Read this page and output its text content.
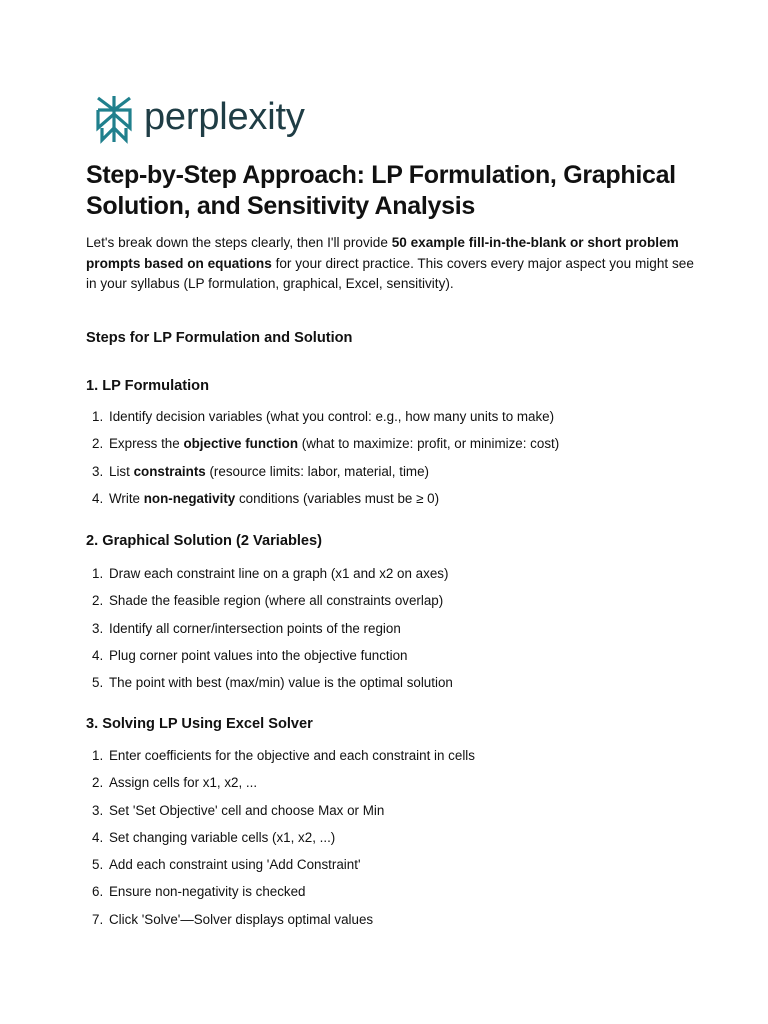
perplexity
Step-by-Step Approach: LP Formulation, Graphical Solution, and Sensitivity Analysis

Let's break down the steps clearly, then I'll provide 50 example fill-in-the-blank or short problem prompts based on equations for your direct practice. This covers every major aspect you might see in your syllabus (LP formulation, graphical, Excel, sensitivity).

Steps for LP Formulation and Solution
1. LP Formulation
1. Identify decision variables (what you control: e.g., how many units to make)
2. Express the objective function (what to maximize: profit, or minimize: cost)
3. List constraints (resource limits: labor, material, time)
4. Write non-negativity conditions (variables must be ≥ 0)
2. Graphical Solution (2 Variables)
1. Draw each constraint line on a graph (x1 and x2 on axes)
2. Shade the feasible region (where all constraints overlap)
3. Identify all corner/intersection points of the region
4. Plug corner point values into the objective function
5. The point with best (max/min) value is the optimal solution
3. Solving LP Using Excel Solver
1. Enter coefficients for the objective and each constraint in cells
2. Assign cells for x1, x2, ...
3. Set 'Set Objective' cell and choose Max or Min
4. Set changing variable cells (x1, x2, ...)
5. Add each constraint using 'Add Constraint'
6. Ensure non-negativity is checked
7. Click 'Solve'—Solver displays optimal values
